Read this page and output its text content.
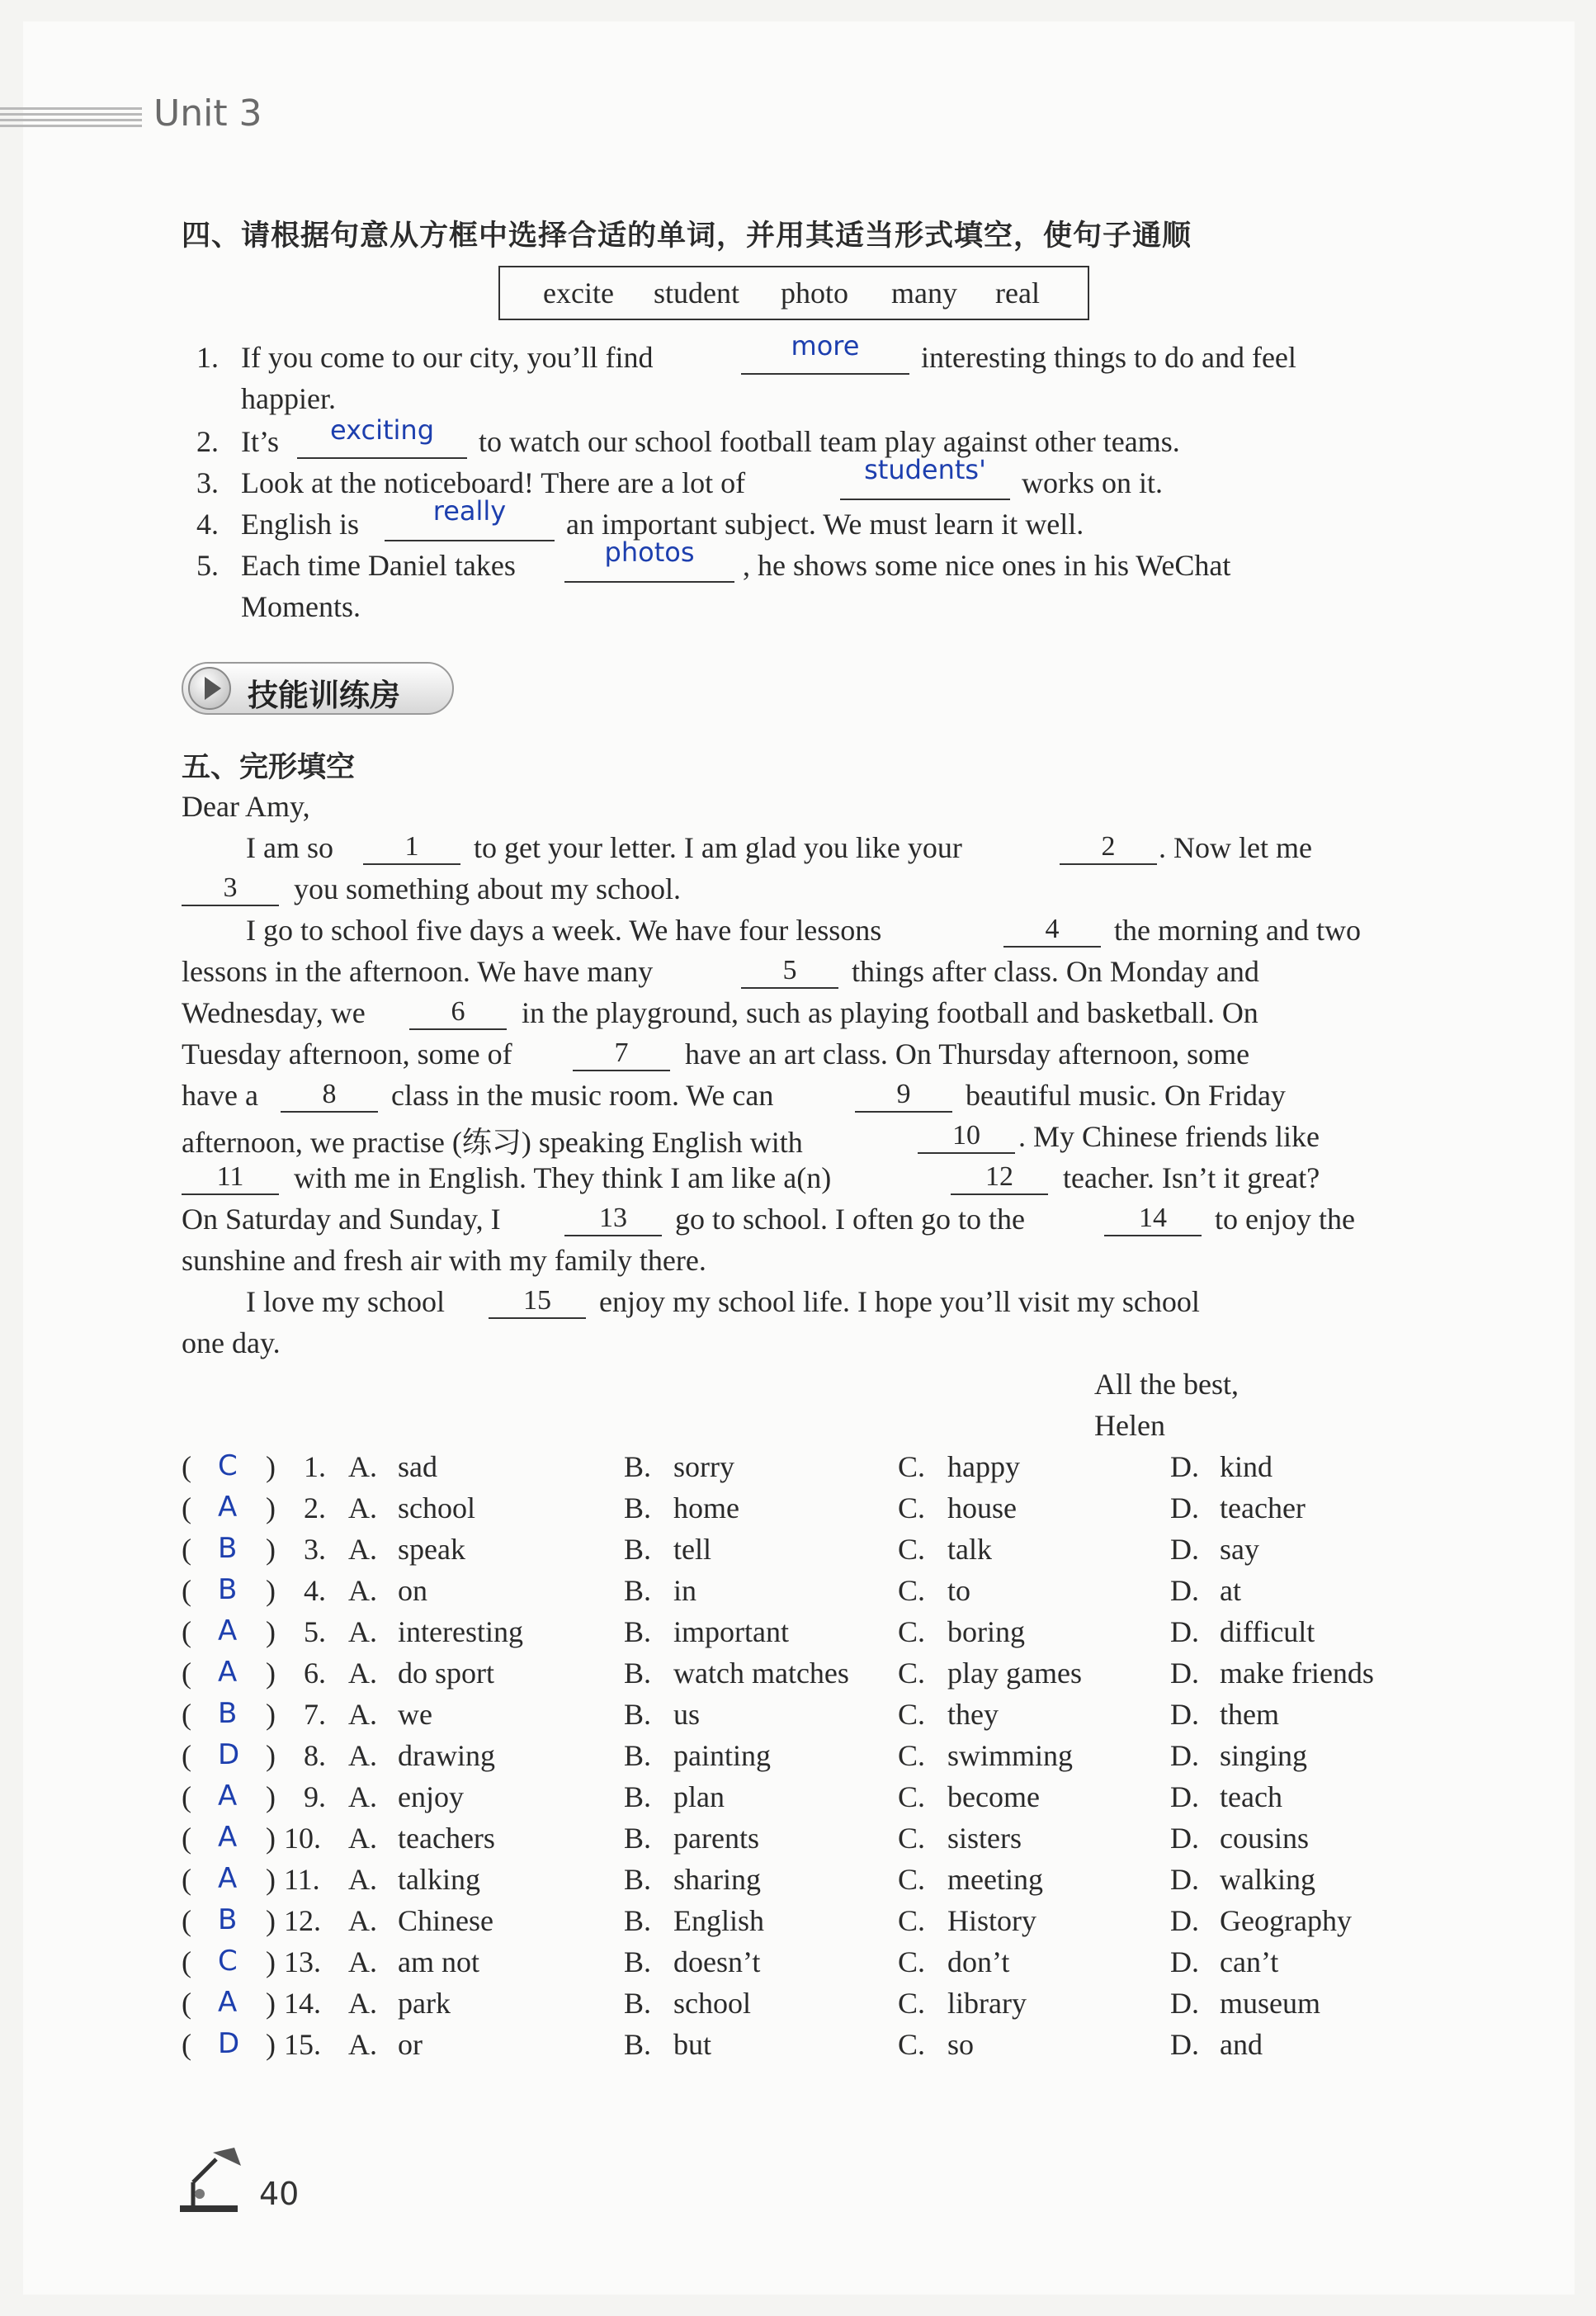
Unit 3
四、请根据句意从方框中选择合适的单词，并用其适当形式填空，使句子通顺
excite student photo many real
1. If you come to our city, you’ll find	more	interesting things to do and feel
happier.
2. It’s	exciting	to watch our school football team play against other teams.
3. Look at the noticeboard! There are a lot of	students'	works on it.
4. English is	really	an important subject. We must learn it well.
5. Each time Daniel takes	photos	, he shows some nice ones in his WeChat
Moments.
技能训练房
五、完形填空
Dear Amy,
I am so	1	to get your letter. I am glad you like your	2	. Now let me
3	you something about my school.
I go to school five days a week. We have four lessons	4	the morning and two
lessons in the afternoon. We have many	5	things after class. On Monday and
Wednesday, we	6	in the playground, such as playing football and basketball. On
Tuesday afternoon, some of	7	have an art class. On Thursday afternoon, some
have a	8	class in the music room. We can	9	beautiful music. On Friday
afternoon, we practise (练习) speaking English with	10	. My Chinese friends like
11	with me in English. They think I am like a(n)	12	teacher. Isn’t it great?
On Saturday and Sunday, I	13	go to school. I often go to the	14	to enjoy the
sunshine and fresh air with my family there.
I love my school	15	enjoy my school life. I hope you’ll visit my school
one day.
All the best,
Helen
( C ) 1. A. sad	B. sorry	C. happy	D. kind
( A ) 2. A. school	B. home	C. house	D. teacher
( B ) 3. A. speak	B. tell	C. talk	D. say
( B ) 4. A. on	B. in	C. to	D. at
( A ) 5. A. interesting	B. important	C. boring	D. difficult
( A ) 6. A. do sport	B. watch matches C. play games	D. make friends
( B ) 7. A. we	B. us	C. they	D. them
( D ) 8. A. drawing	B. painting	C. swimming	D. singing
( A ) 9. A. enjoy	B. plan	C. become	D. teach
( A ) 10. A. teachers	B. parents	C. sisters	D. cousins
( A ) 11. A. talking	B. sharing	C. meeting	D. walking
( B ) 12. A. Chinese	B. English	C. History	D. Geography
( C ) 13. A. am not	B. doesn’t	C. don’t	D. can’t
( A ) 14. A. park	B. school	C. library	D. museum
( D ) 15. A. or	B. but	C. so	D. and
40
